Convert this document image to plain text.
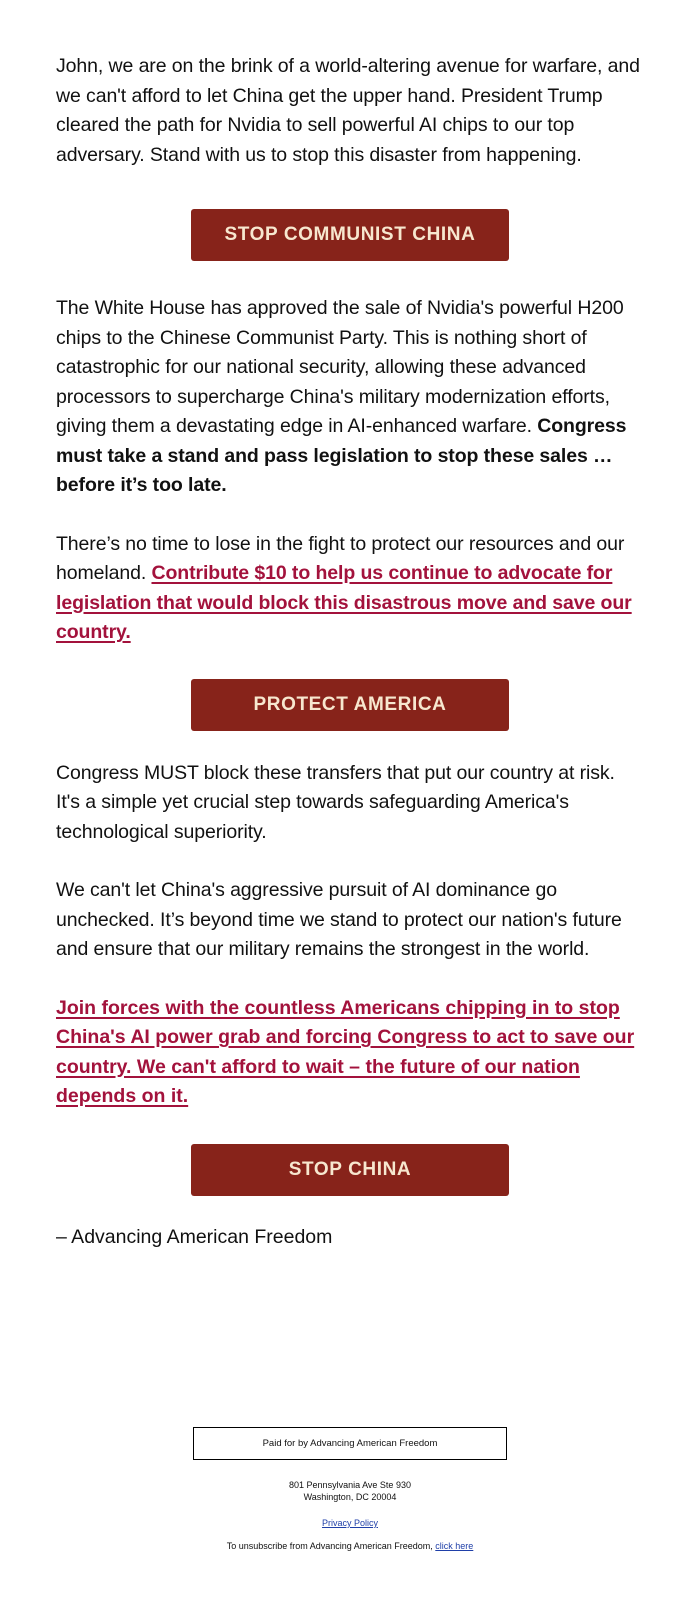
John, we are on the brink of a world-altering avenue for warfare, and we can't afford to let China get the upper hand. President Trump cleared the path for Nvidia to sell powerful AI chips to our top adversary. Stand with us to stop this disaster from happening.

STOP COMMUNIST CHINA

The White House has approved the sale of Nvidia's powerful H200 chips to the Chinese Communist Party. This is nothing short of catastrophic for our national security, allowing these advanced processors to supercharge China's military modernization efforts, giving them a devastating edge in AI-enhanced warfare. Congress must take a stand and pass legislation to stop these sales … before it’s too late.

There’s no time to lose in the fight to protect our resources and our homeland. Contribute $10 to help us continue to advocate for legislation that would block this disastrous move and save our country.

PROTECT AMERICA

Congress MUST block these transfers that put our country at risk. It's a simple yet crucial step towards safeguarding America's technological superiority.

We can't let China's aggressive pursuit of AI dominance go unchecked. It’s beyond time we stand to protect our nation's future and ensure that our military remains the strongest in the world.

Join forces with the countless Americans chipping in to stop China's AI power grab and forcing Congress to act to save our country. We can't afford to wait – the future of our nation depends on it.

STOP CHINA

– Advancing American Freedom

Paid for by Advancing American Freedom
801 Pennsylvania Ave Ste 930
Washington, DC 20004
Privacy Policy
To unsubscribe from Advancing American Freedom, click here
